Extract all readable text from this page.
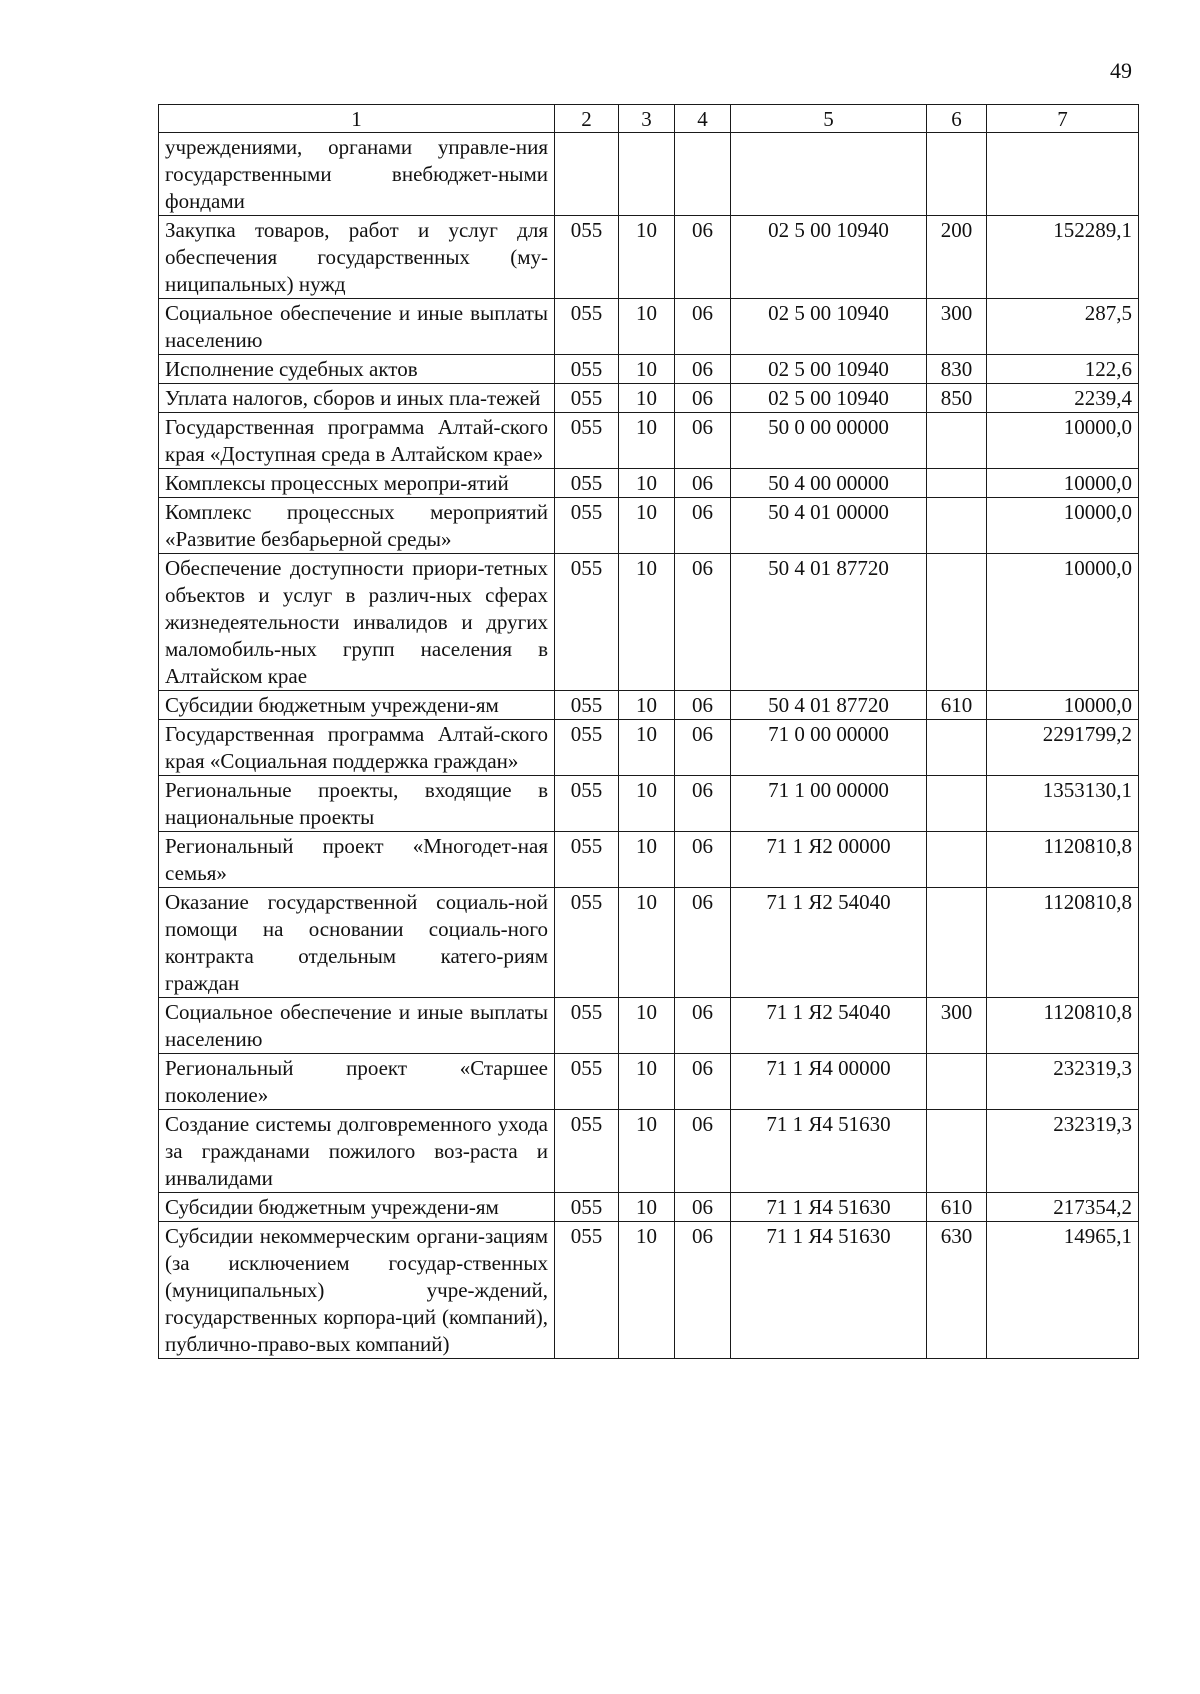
49
1	2	3	4	5	6	7
учреждениями, органами управле-ния государственными внебюджет-ными фондами						
Закупка товаров, работ и услуг для обеспечения государственных (му-ниципальных) нужд	055	10	06	02 5 00 10940	200	152289,1
Социальное обеспечение и иные выплаты населению	055	10	06	02 5 00 10940	300	287,5
Исполнение судебных актов	055	10	06	02 5 00 10940	830	122,6
Уплата налогов, сборов и иных пла-тежей	055	10	06	02 5 00 10940	850	2239,4
Государственная программа Алтай-ского края «Доступная среда в Алтайском крае»	055	10	06	50 0 00 00000		10000,0
Комплексы процессных меропри-ятий	055	10	06	50 4 00 00000		10000,0
Комплекс процессных мероприятий «Развитие безбарьерной среды»	055	10	06	50 4 01 00000		10000,0
Обеспечение доступности приори-тетных объектов и услуг в различ-ных сферах жизнедеятельности инвалидов и других маломобиль-ных групп населения в Алтайском крае	055	10	06	50 4 01 87720		10000,0
Субсидии бюджетным учреждени-ям	055	10	06	50 4 01 87720	610	10000,0
Государственная программа Алтай-ского края «Социальная поддержка граждан»	055	10	06	71 0 00 00000		2291799,2
Региональные проекты, входящие в национальные проекты	055	10	06	71 1 00 00000		1353130,1
Региональный проект «Многодет-ная семья»	055	10	06	71 1 Я2 00000		1120810,8
Оказание государственной социаль-ной помощи на основании социаль-ного контракта отдельным катего-риям граждан	055	10	06	71 1 Я2 54040		1120810,8
Социальное обеспечение и иные выплаты населению	055	10	06	71 1 Я2 54040	300	1120810,8
Региональный проект «Старшее поколение»	055	10	06	71 1 Я4 00000		232319,3
Создание системы долговременного ухода за гражданами пожилого воз-раста и инвалидами	055	10	06	71 1 Я4 51630		232319,3
Субсидии бюджетным учреждени-ям	055	10	06	71 1 Я4 51630	610	217354,2
Субсидии некоммерческим органи-зациям (за исключением государ-ственных (муниципальных) учре-ждений, государственных корпора-ций (компаний), публично-право-вых компаний)	055	10	06	71 1 Я4 51630	630	14965,1
